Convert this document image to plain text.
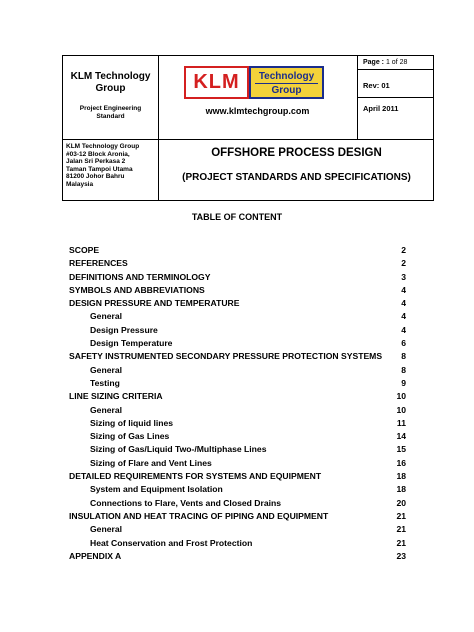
KLM Technology
Group
Project Engineering
Standard
KLM	Technology
Group
www.klmtechgroup.com
Page : 1 of 28
Rev: 01
April 2011
KLM Technology Group
#03-12 Block Aronia,
Jalan Sri Perkasa 2
Taman Tampoi Utama
81200 Johor Bahru
Malaysia
OFFSHORE PROCESS DESIGN
(PROJECT STANDARDS AND SPECIFICATIONS)
TABLE OF CONTENT
SCOPE	2
REFERENCES	2
DEFINITIONS AND TERMINOLOGY	3
SYMBOLS AND ABBREVIATIONS	4
DESIGN PRESSURE AND TEMPERATURE	4
General	4
Design Pressure	4
Design Temperature	6
SAFETY INSTRUMENTED SECONDARY PRESSURE PROTECTION SYSTEMS 8
General	8
Testing	9
LINE SIZING CRITERIA	10
General	10
Sizing of liquid lines	11
Sizing of Gas Lines	14
Sizing of Gas/Liquid Two-/Multiphase Lines	15
Sizing of Flare and Vent Lines	16
DETAILED REQUIREMENTS FOR SYSTEMS AND EQUIPMENT	18
System and Equipment Isolation	18
Connections to Flare, Vents and Closed Drains	20
INSULATION AND HEAT TRACING OF PIPING AND EQUIPMENT	21
General	21
Heat Conservation and Frost Protection	21
APPENDIX A	23
